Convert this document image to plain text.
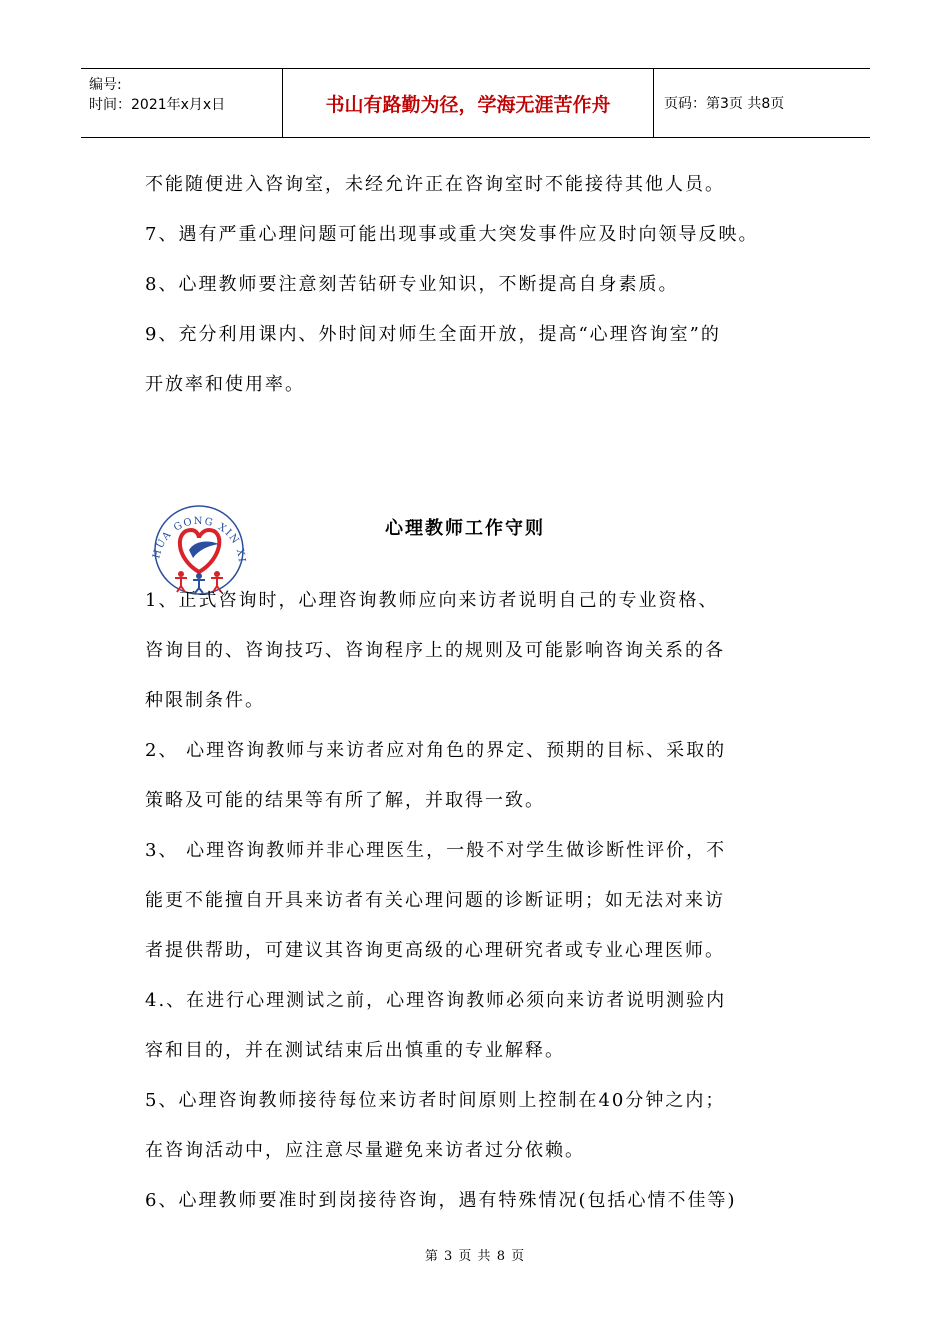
编号:
时间：2021年x月x日	书山有路勤为径，学海无涯苦作舟	页码：第3页 共8页
不能随便进入咨询室，未经允许正在咨询室时不能接待其他人员。
7、遇有严重心理问题可能出现事或重大突发事件应及时向领导反映。
8、心理教师要注意刻苦钻研专业知识，不断提高自身素质。
9、充分利用课内、外时间对师生全面开放，提高“心理咨询室”的
开放率和使用率。
HUA GONG XIN XI
心理教师工作守则
1、正式咨询时，心理咨询教师应向来访者说明自己的专业资格、
咨询目的、咨询技巧、咨询程序上的规则及可能影响咨询关系的各
种限制条件。
2、 心理咨询教师与来访者应对角色的界定、预期的目标、采取的
策略及可能的结果等有所了解，并取得一致。
3、 心理咨询教师并非心理医生，一般不对学生做诊断性评价，不
能更不能擅自开具来访者有关心理问题的诊断证明；如无法对来访
者提供帮助，可建议其咨询更高级的心理研究者或专业心理医师。
4.、在进行心理测试之前，心理咨询教师必须向来访者说明测验内
容和目的，并在测试结束后出慎重的专业解释。
5、心理咨询教师接待每位来访者时间原则上控制在40分钟之内；
在咨询活动中，应注意尽量避免来访者过分依赖。
6、心理教师要准时到岗接待咨询，遇有特殊情况(包括心情不佳等)
第 3 页 共 8 页
